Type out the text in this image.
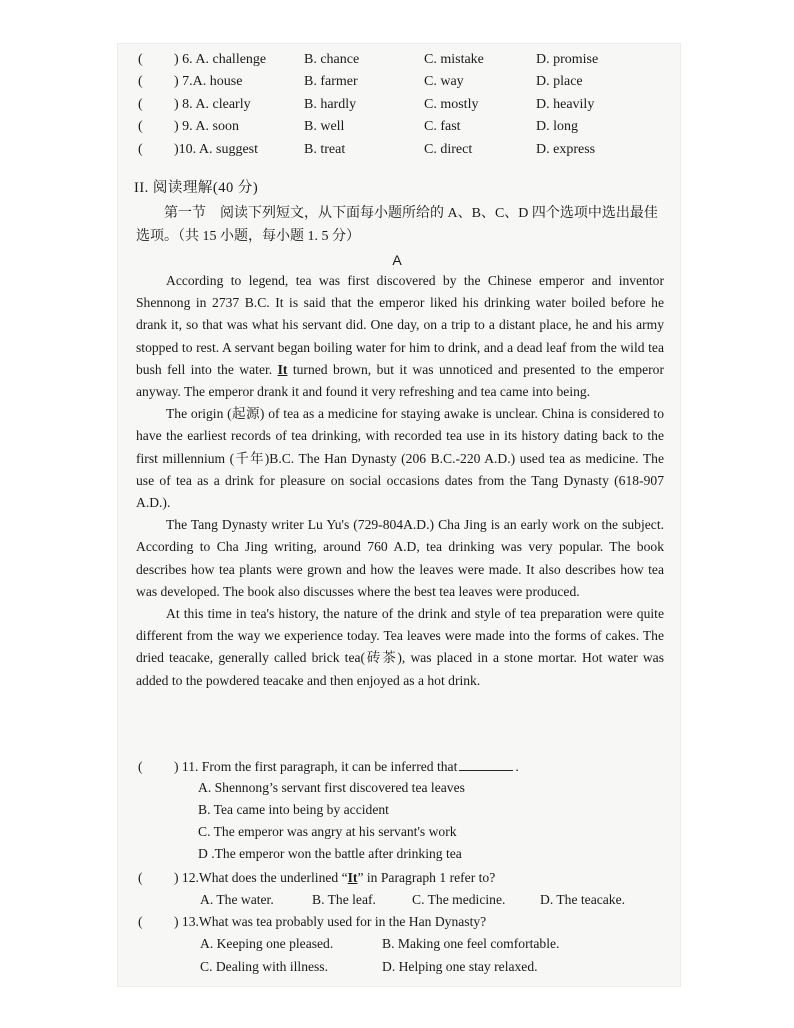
( ) 6. A. challenge	B. chance	C. mistake	D. promise
( ) 7.A. house	B. farmer	C. way	D. place
( ) 8. A. clearly	B. hardly	C. mostly	D. heavily
( ) 9. A. soon	B. well	C. fast	D. long
( )10. A. suggest	B. treat	C. direct	D. express
II. 阅读理解(40 分)
第一节　阅读下列短文，从下面每小题所给的 A、B、C、D 四个选项中选出最佳选项。（共 15 小题，每小题 1. 5 分）
A

According to legend, tea was first discovered by the Chinese emperor and inventor Shennong in 2737 B.C. It is said that the emperor liked his drinking water boiled before he drank it, so that was what his servant did. One day, on a trip to a distant place, he and his army stopped to rest. A servant began boiling water for him to drink, and a dead leaf from the wild tea bush fell into the water. It turned brown, but it was unnoticed and presented to the emperor anyway. The emperor drank it and found it very refreshing and tea came into being.

The origin (起源) of tea as a medicine for staying awake is unclear. China is considered to have the earliest records of tea drinking, with recorded tea use in its history dating back to the first millennium (千年)B.C. The Han Dynasty (206 B.C.-220 A.D.) used tea as medicine. The use of tea as a drink for pleasure on social occasions dates from the Tang Dynasty (618-907 A.D.).

The Tang Dynasty writer Lu Yu's (729-804A.D.) Cha Jing is an early work on the subject. According to Cha Jing writing, around 760 A.D, tea drinking was very popular. The book describes how tea plants were grown and how the leaves were made. It also describes how tea was developed. The book also discusses where the best tea leaves were produced.

At this time in tea's history, the nature of the drink and style of tea preparation were quite different from the way we experience today. Tea leaves were made into the forms of cakes. The dried teacake, generally called brick tea(砖茶), was placed in a stone mortar. Hot water was added to the powdered teacake and then enjoyed as a hot drink.

( ) 11. From the first paragraph, it can be inferred that	.
A. Shennong’s servant first discovered tea leaves
B. Tea came into being by accident
C. The emperor was angry at his servant's work
D .The emperor won the battle after drinking tea
( ) 12.What does the underlined “It” in Paragraph 1 refer to?
A. The water.	B. The leaf.	C. The medicine.	D. The teacake.
( ) 13.What was tea probably used for in the Han Dynasty?
A. Keeping one pleased.	B. Making one feel comfortable.
C. Dealing with illness.	D. Helping one stay relaxed.
